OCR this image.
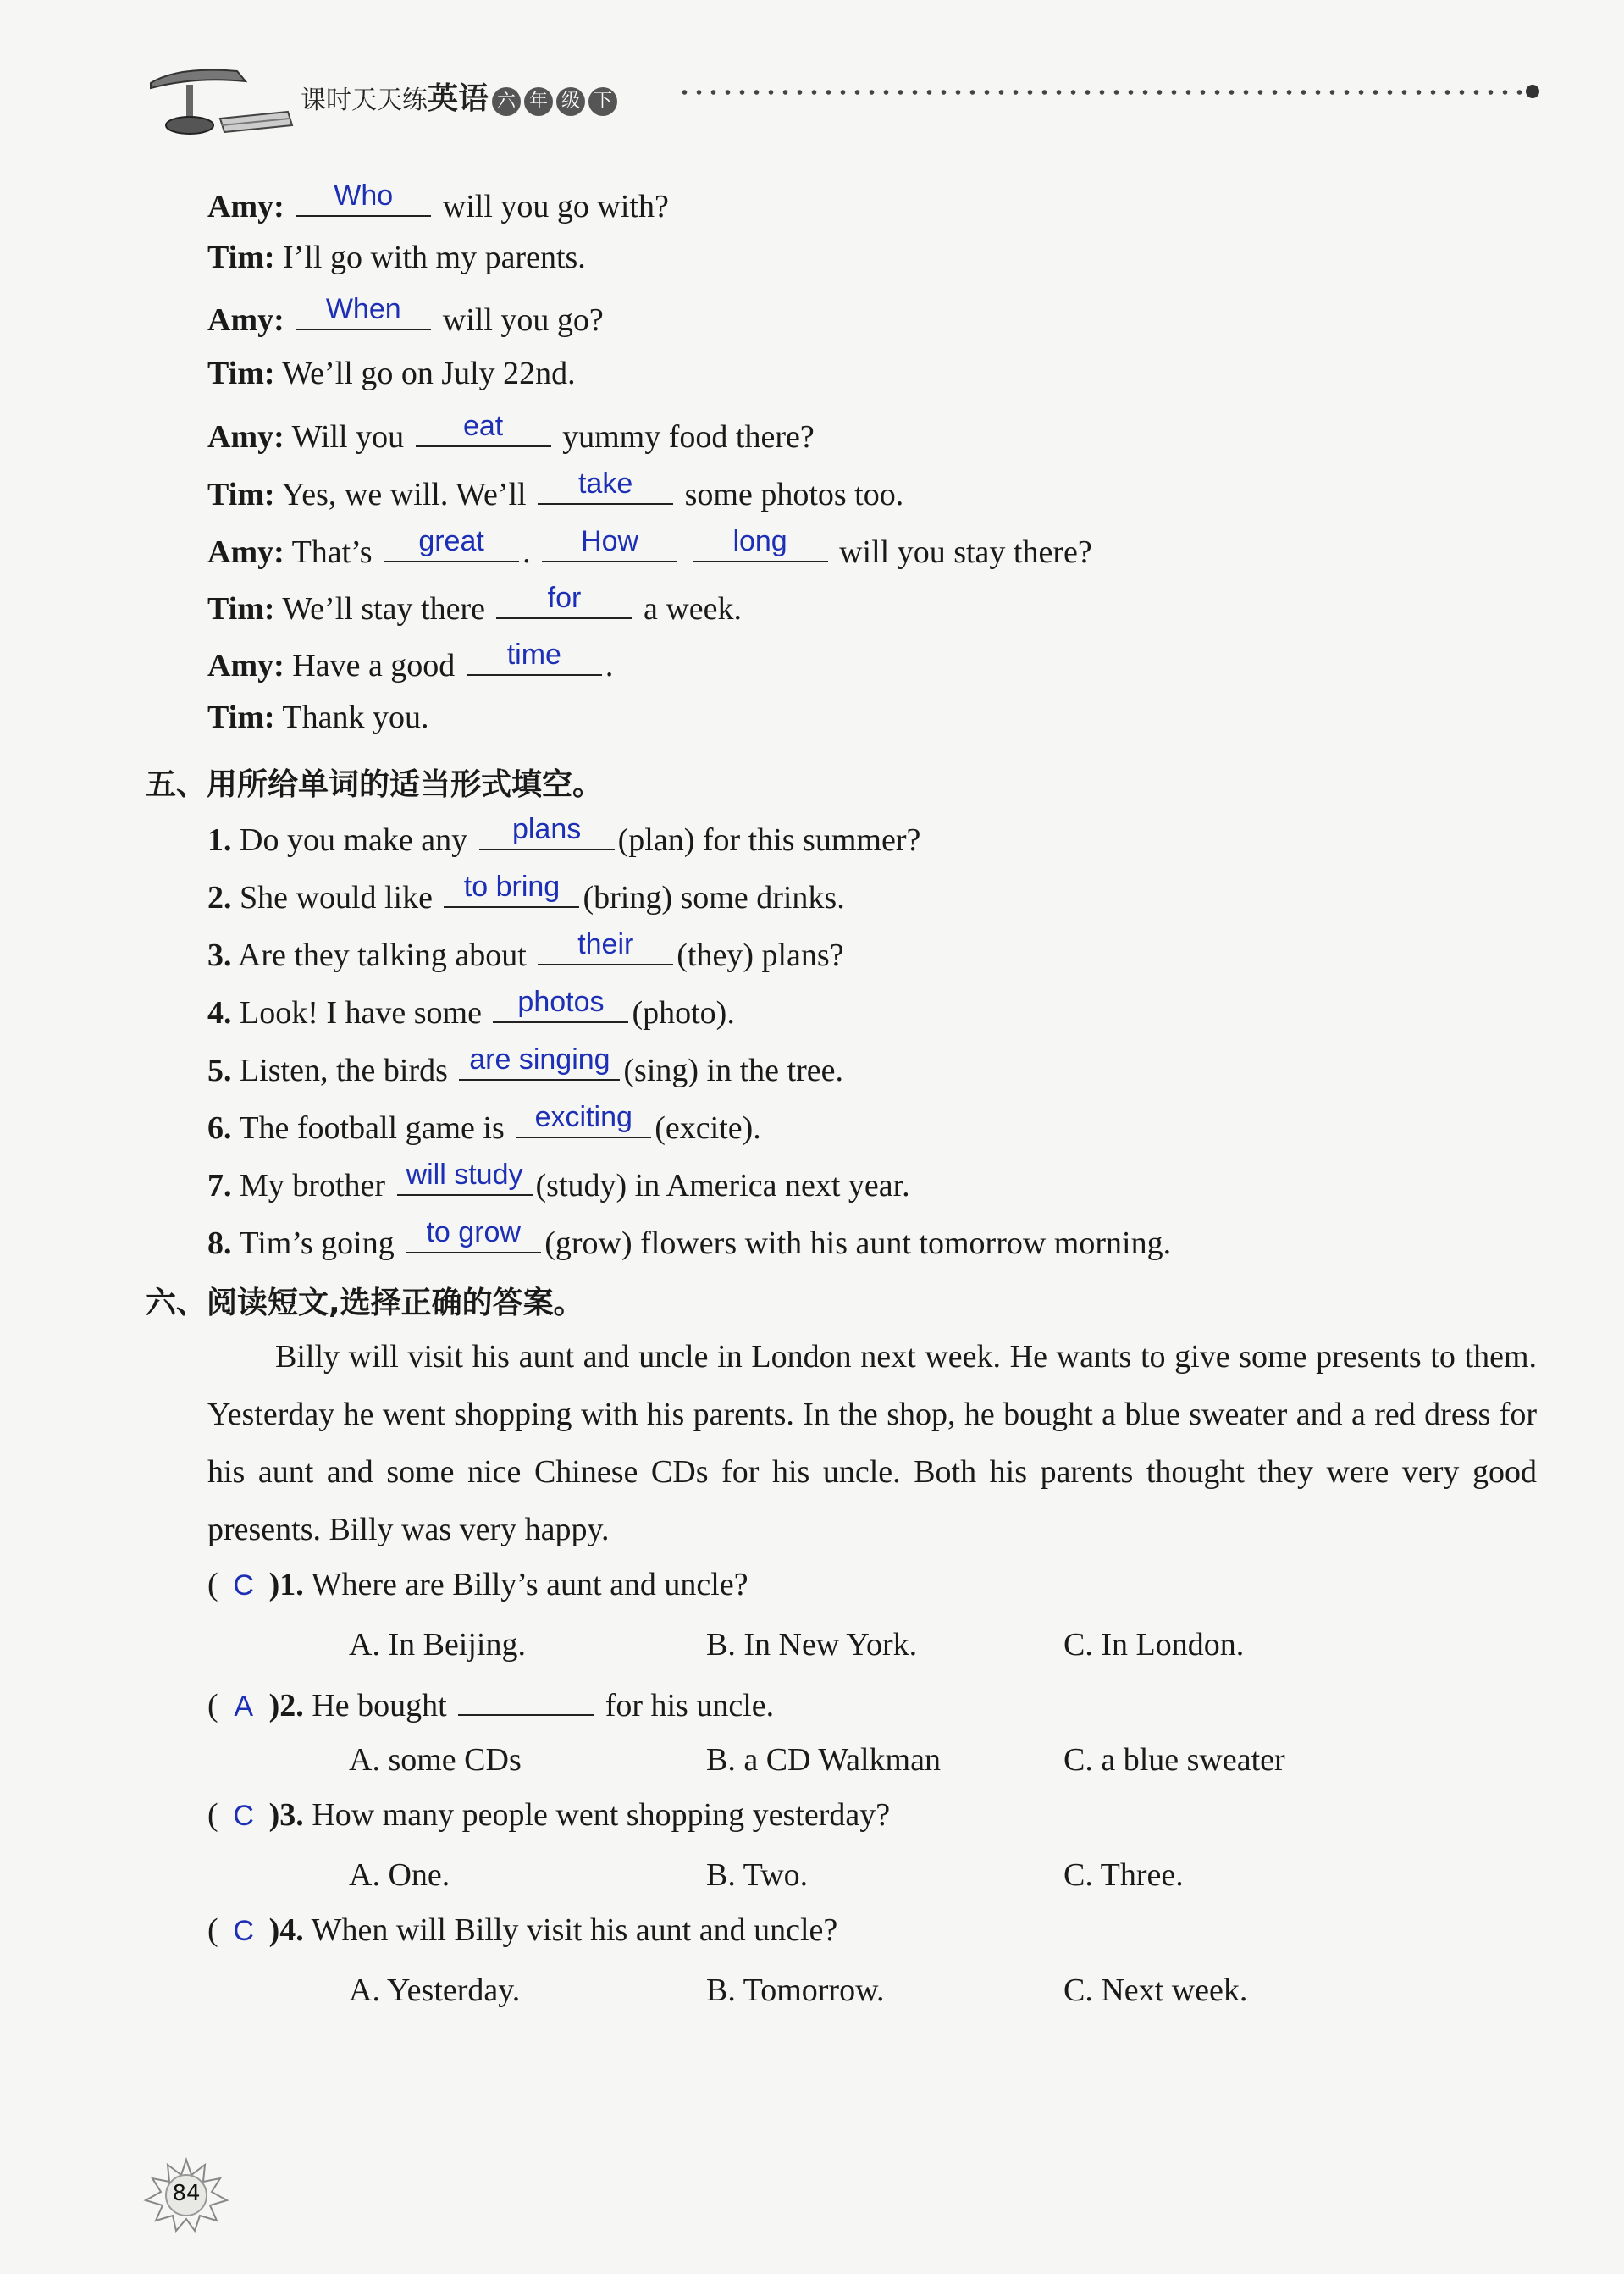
课时天天练英语 六 年 级 下
Amy:	Who	will you go with?
Tim: I’ll go with my parents.
Amy:	When	will you go?
Tim: We’ll go on July 22nd.
Amy: Will you	eat	yummy food there?
Tim: Yes, we will. We’ll	take	some photos too.
Amy: That’s	great	.	How
	long	will you stay there?
Tim: We’ll stay there	for	a week.
Amy: Have a good	time	.
Tim: Thank you.
五、用所给单词的适当形式填空。
1. Do you make any	plans	(plan) for this summer?
2. She would like	to bring (bring) some drinks.
3. Are they talking about	their	(they) plans?
4. Look! I have some	photos (photo).
5. Listen, the birds are singing (sing) in the tree.
6. The football game is	exciting (excite).
7. My brother will study (study) in America next year.
8. Tim’s going	to grow (grow) flowers with his aunt tomorrow morning.
六、阅读短文,选择正确的答案。
Billy will visit his aunt and uncle in London next week. He wants to give some presents to them. Yesterday he went shopping with his parents. In the shop, he bought a blue sweater and a red dress for his aunt and some nice Chinese CDs for his uncle. Both his parents thought they were very good presents. Billy was very happy.
( C )1. Where are Billy’s aunt and uncle?
A. In Beijing.	B. In New York.	C. In London.
( A )2. He bought	for his uncle.
A. some CDs	B. a CD Walkman	C. a blue sweater
( C )3. How many people went shopping yesterday?
A. One.	B. Two.	C. Three.
( C )4. When will Billy visit his aunt and uncle?
A. Yesterday.	B. Tomorrow.	C. Next week.
84
